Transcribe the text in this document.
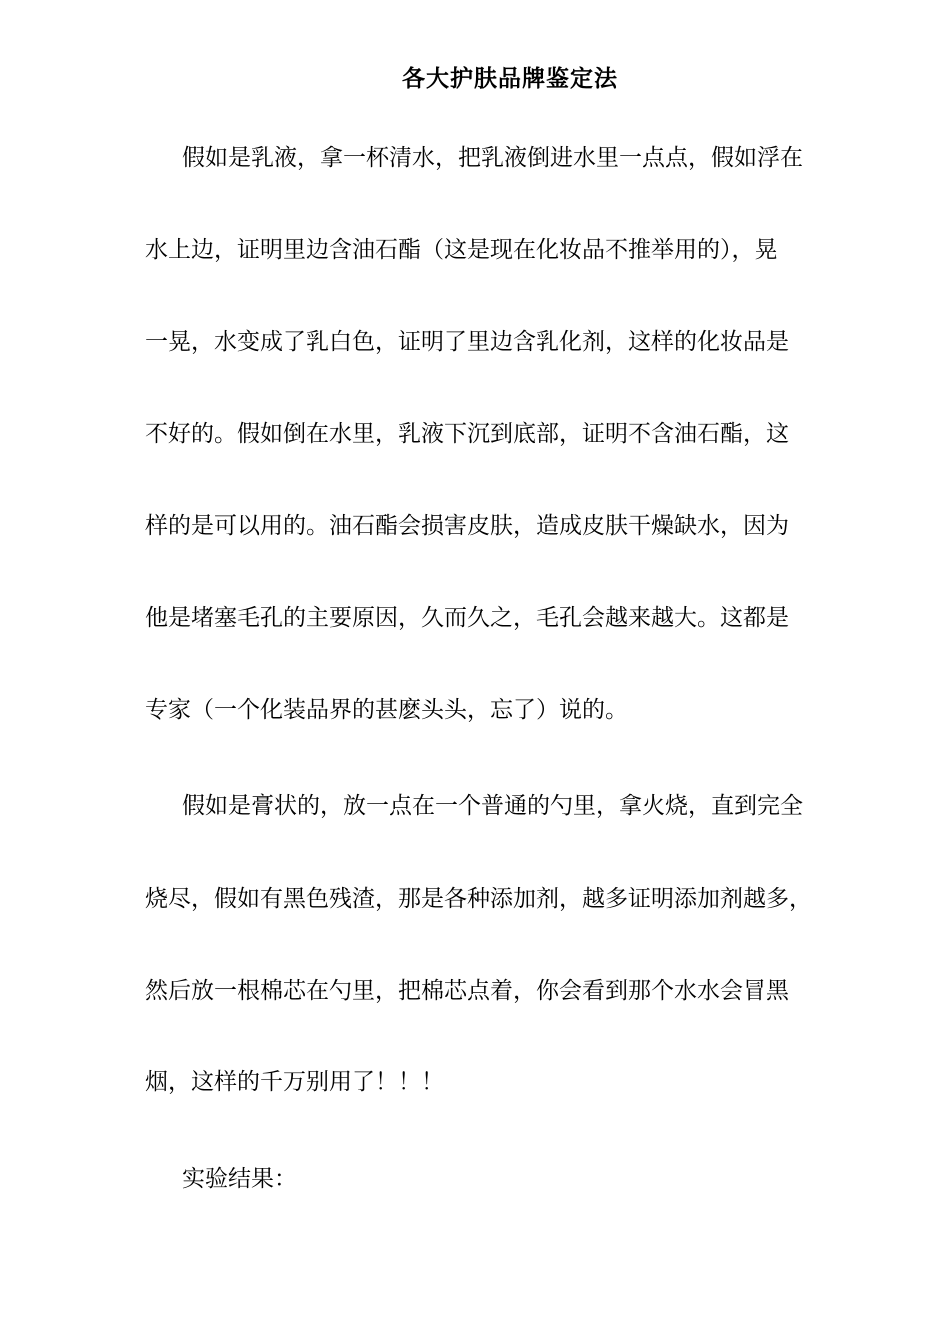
各大护肤品牌鉴定法
假如是乳液，拿一杯清水，把乳液倒进水里一点点，假如浮在
水上边，证明里边含油石酯（这是现在化妆品不推举用的），晃
一晃，水变成了乳白色，证明了里边含乳化剂，这样的化妆品是
不好的。假如倒在水里，乳液下沉到底部，证明不含油石酯，这
样的是可以用的。油石酯会损害皮肤，造成皮肤干燥缺水，因为
他是堵塞毛孔的主要原因，久而久之，毛孔会越来越大。这都是
专家（一个化装品界的甚麽头头，忘了）说的。
假如是膏状的，放一点在一个普通的勺里，拿火烧，直到完全
烧尽，假如有黑色残渣，那是各种添加剂，越多证明添加剂越多，
然后放一根棉芯在勺里，把棉芯点着，你会看到那个水水会冒黑
烟，这样的千万别用了！！！
实验结果：
